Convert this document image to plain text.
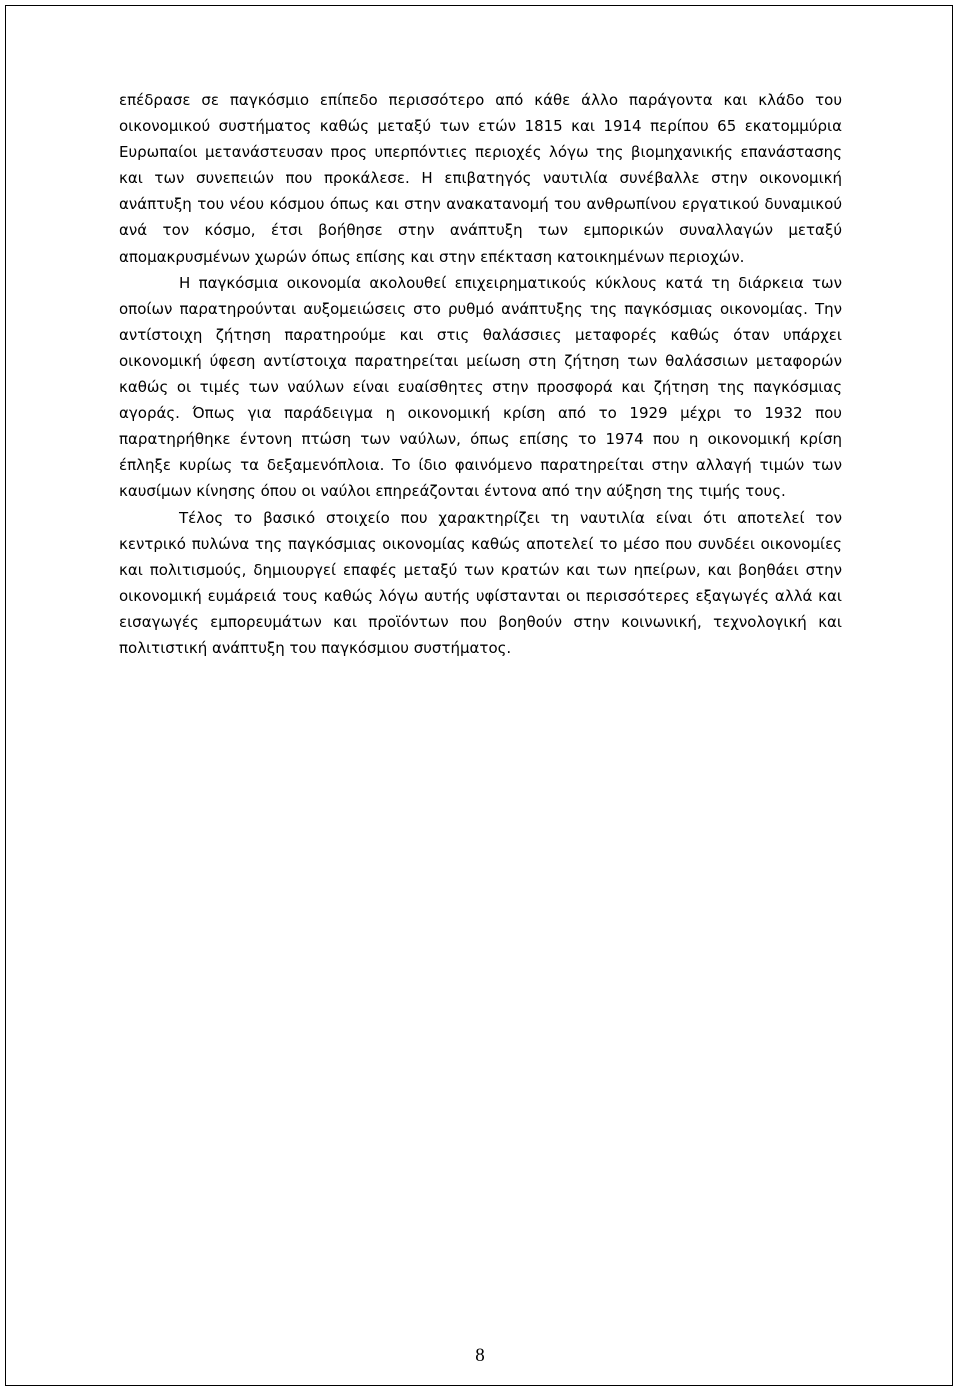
επέδρασε σε παγκόσμιο επίπεδο περισσότερο από κάθε άλλο παράγοντα και κλάδο του οικονομικού συστήματος καθώς μεταξύ των ετών 1815 και 1914 περίπου 65 εκατομμύρια Ευρωπαίοι μετανάστευσαν προς υπερπόντιες περιοχές λόγω της βιομηχανικής επανάστασης και των συνεπειών που προκάλεσε. Η επιβατηγός ναυτιλία συνέβαλλε στην οικονομική ανάπτυξη του νέου κόσμου όπως και στην ανακατανομή του ανθρωπίνου εργατικού δυναμικού ανά τον κόσμο, έτσι βοήθησε στην ανάπτυξη των εμπορικών συναλλαγών μεταξύ απομακρυσμένων χωρών όπως επίσης και στην επέκταση κατοικημένων περιοχών.

Η παγκόσμια οικονομία ακολουθεί επιχειρηματικούς κύκλους κατά τη διάρκεια των οποίων παρατηρούνται αυξομειώσεις στο ρυθμό ανάπτυξης της παγκόσμιας οικονομίας. Την αντίστοιχη ζήτηση παρατηρούμε και στις θαλάσσιες μεταφορές καθώς όταν υπάρχει οικονομική ύφεση αντίστοιχα παρατηρείται μείωση στη ζήτηση των θαλάσσιων μεταφορών καθώς οι τιμές των ναύλων είναι ευαίσθητες στην προσφορά και ζήτηση της παγκόσμιας αγοράς. Όπως για παράδειγμα η οικονομική κρίση από το 1929 μέχρι το 1932 που παρατηρήθηκε έντονη πτώση των ναύλων, όπως επίσης το 1974 που η οικονομική κρίση έπληξε κυρίως τα δεξαμενόπλοια. Το ίδιο φαινόμενο παρατηρείται στην αλλαγή τιμών των καυσίμων κίνησης όπου οι ναύλοι επηρεάζονται έντονα από την αύξηση της τιμής τους.

Τέλος το βασικό στοιχείο που χαρακτηρίζει τη ναυτιλία είναι ότι αποτελεί τον κεντρικό πυλώνα της παγκόσμιας οικονομίας καθώς αποτελεί το μέσο που συνδέει οικονομίες και πολιτισμούς, δημιουργεί επαφές μεταξύ των κρατών και των ηπείρων, και βοηθάει στην οικονομική ευμάρειά τους καθώς λόγω αυτής υφίστανται οι περισσότερες εξαγωγές αλλά και εισαγωγές εμπορευμάτων και προϊόντων που βοηθούν στην κοινωνική, τεχνολογική και πολιτιστική ανάπτυξη του παγκόσμιου συστήματος.

8
